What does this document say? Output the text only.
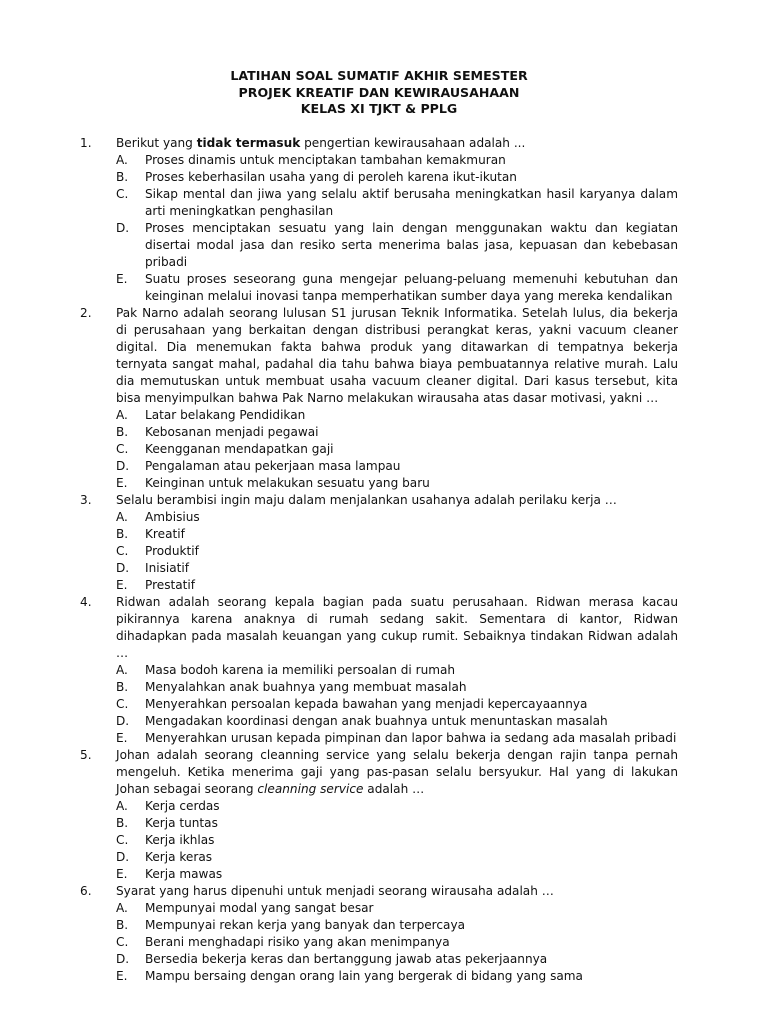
LATIHAN SOAL SUMATIF AKHIR SEMESTER
PROJEK KREATIF DAN KEWIRAUSAHAAN
KELAS XI TJKT & PPLG
1.	Berikut yang tidak termasuk pengertian kewirausahaan adalah ...
A. Proses dinamis untuk menciptakan tambahan kemakmuran
B. Proses keberhasilan usaha yang di peroleh karena ikut-ikutan
C. Sikap mental dan jiwa yang selalu aktif berusaha meningkatkan hasil karyanya dalam arti meningkatkan penghasilan
D. Proses menciptakan sesuatu yang lain dengan menggunakan waktu dan kegiatan disertai modal jasa dan resiko serta menerima balas jasa, kepuasan dan kebebasan pribadi
E. Suatu proses seseorang guna mengejar peluang-peluang memenuhi kebutuhan dan keinginan melalui inovasi tanpa memperhatikan sumber daya yang mereka kendalikan
2.	Pak Narno adalah seorang lulusan S1 jurusan Teknik Informatika. Setelah lulus, dia bekerja di perusahaan yang berkaitan dengan distribusi perangkat keras, yakni vacuum cleaner digital. Dia menemukan fakta bahwa produk yang ditawarkan di tempatnya bekerja ternyata sangat mahal, padahal dia tahu bahwa biaya pembuatannya relative murah. Lalu dia memutuskan untuk membuat usaha vacuum cleaner digital. Dari kasus tersebut, kita bisa menyimpulkan bahwa Pak Narno melakukan wirausaha atas dasar motivasi, yakni …
A. Latar belakang Pendidikan
B. Kebosanan menjadi pegawai
C. Keengganan mendapatkan gaji
D. Pengalaman atau pekerjaan masa lampau
E. Keinginan untuk melakukan sesuatu yang baru
3.	Selalu berambisi ingin maju dalam menjalankan usahanya adalah perilaku kerja …
A. Ambisius
B. Kreatif
C. Produktif
D. Inisiatif
E. Prestatif
4.	Ridwan adalah seorang kepala bagian pada suatu perusahaan. Ridwan merasa kacau pikirannya karena anaknya di rumah sedang sakit. Sementara di kantor, Ridwan dihadapkan pada masalah keuangan yang cukup rumit. Sebaiknya tindakan Ridwan adalah …
A. Masa bodoh karena ia memiliki persoalan di rumah
B. Menyalahkan anak buahnya yang membuat masalah
C. Menyerahkan persoalan kepada bawahan yang menjadi kepercayaannya
D. Mengadakan koordinasi dengan anak buahnya untuk menuntaskan masalah
E. Menyerahkan urusan kepada pimpinan dan lapor bahwa ia sedang ada masalah pribadi
5.	Johan adalah seorang cleanning service yang selalu bekerja dengan rajin tanpa pernah mengeluh. Ketika menerima gaji yang pas-pasan selalu bersyukur. Hal yang di lakukan Johan sebagai seorang cleanning service adalah …
A. Kerja cerdas
B. Kerja tuntas
C. Kerja ikhlas
D. Kerja keras
E. Kerja mawas
6.	Syarat yang harus dipenuhi untuk menjadi seorang wirausaha adalah …
A. Mempunyai modal yang sangat besar
B. Mempunyai rekan kerja yang banyak dan terpercaya
C. Berani menghadapi risiko yang akan menimpanya
D. Bersedia bekerja keras dan bertanggung jawab atas pekerjaannya
E. Mampu bersaing dengan orang lain yang bergerak di bidang yang sama
